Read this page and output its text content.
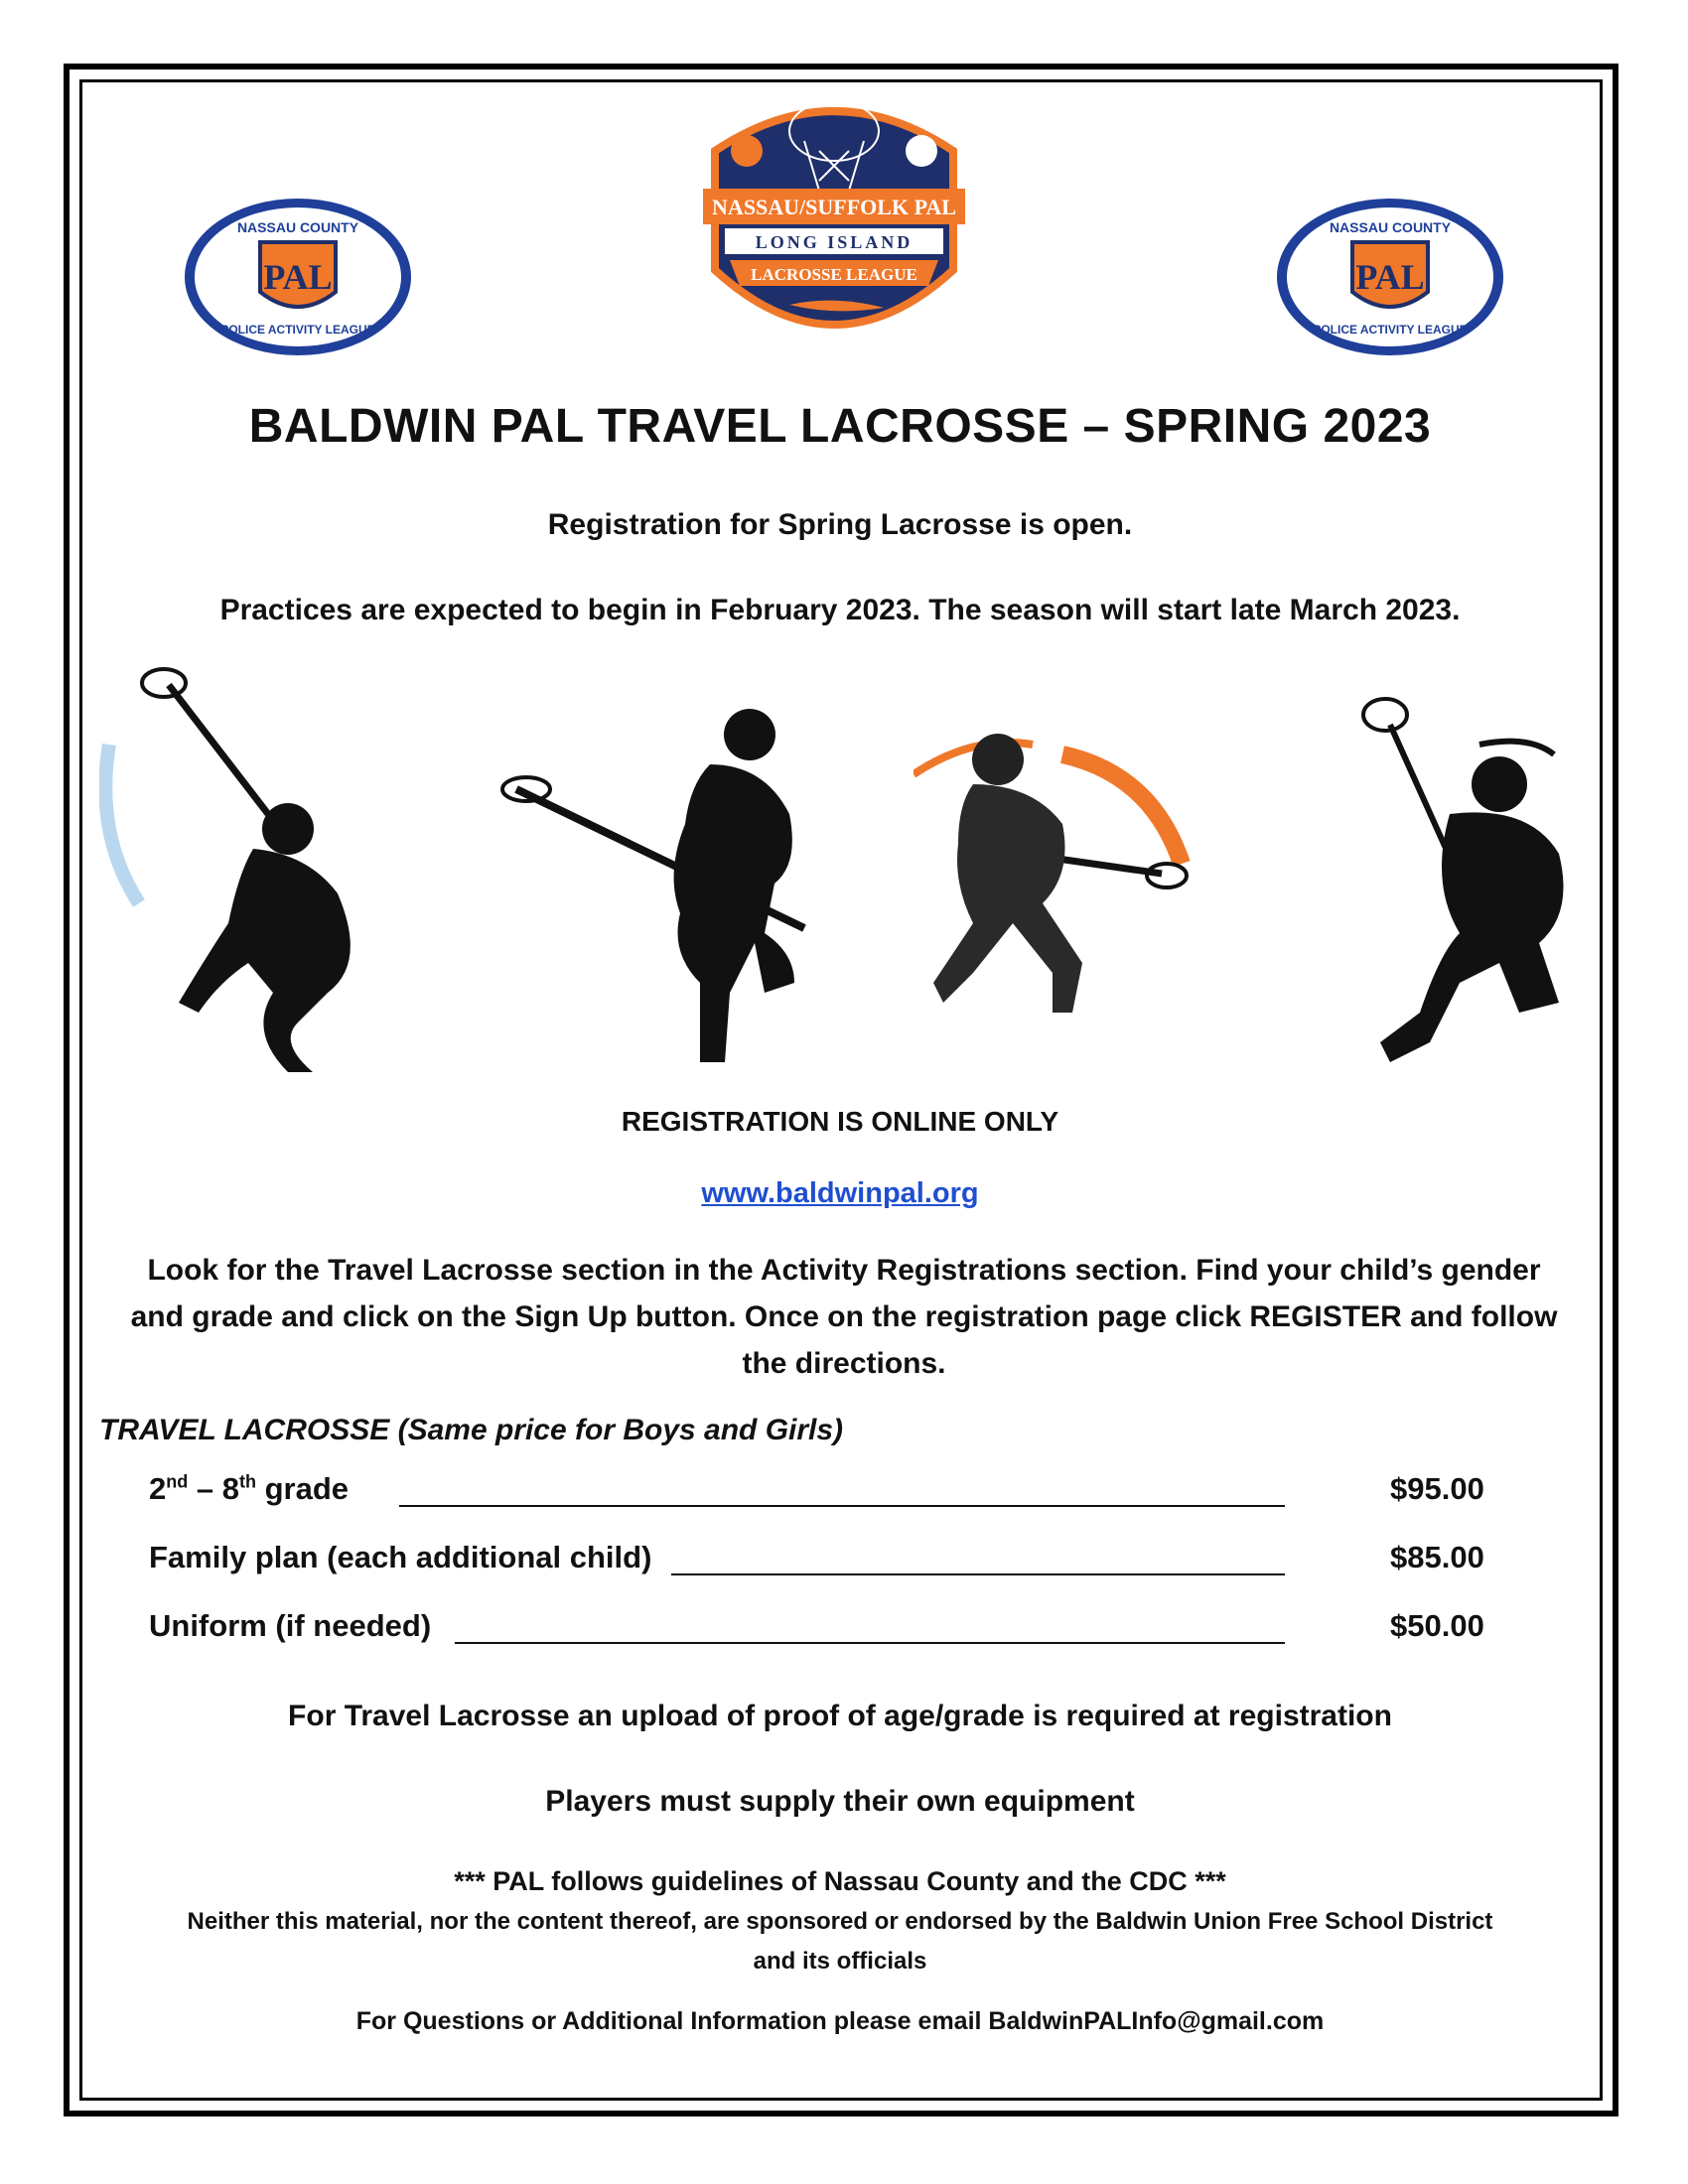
PAL
NASSAU COUNTY
POLICE ACTIVITY LEAGUE
NASSAU/SUFFOLK PAL
LONG ISLAND
LACROSSE LEAGUE	PAL
NASSAU COUNTY
POLICE ACTIVITY LEAGUE
BALDWIN PAL TRAVEL LACROSSE – SPRING 2023
Registration for Spring Lacrosse is open.
Practices are expected to begin in February 2023. The season will start late March 2023.
REGISTRATION IS ONLINE ONLY
www.baldwinpal.org
Look for the Travel Lacrosse section in the Activity Registrations section. Find your child’s gender
and grade and click on the Sign Up button. Once on the registration page click REGISTER and follow
the directions.
TRAVEL LACROSSE (Same price for Boys and Girls)
2nd – 8th grade	$95.00
Family plan (each additional child)	$85.00
Uniform (if needed)	$50.00
For Travel Lacrosse an upload of proof of age/grade is required at registration
Players must supply their own equipment
*** PAL follows guidelines of Nassau County and the CDC ***
Neither this material, nor the content thereof, are sponsored or endorsed by the Baldwin Union Free School District
and its officials
For Questions or Additional Information please email BaldwinPALInfo@gmail.com
